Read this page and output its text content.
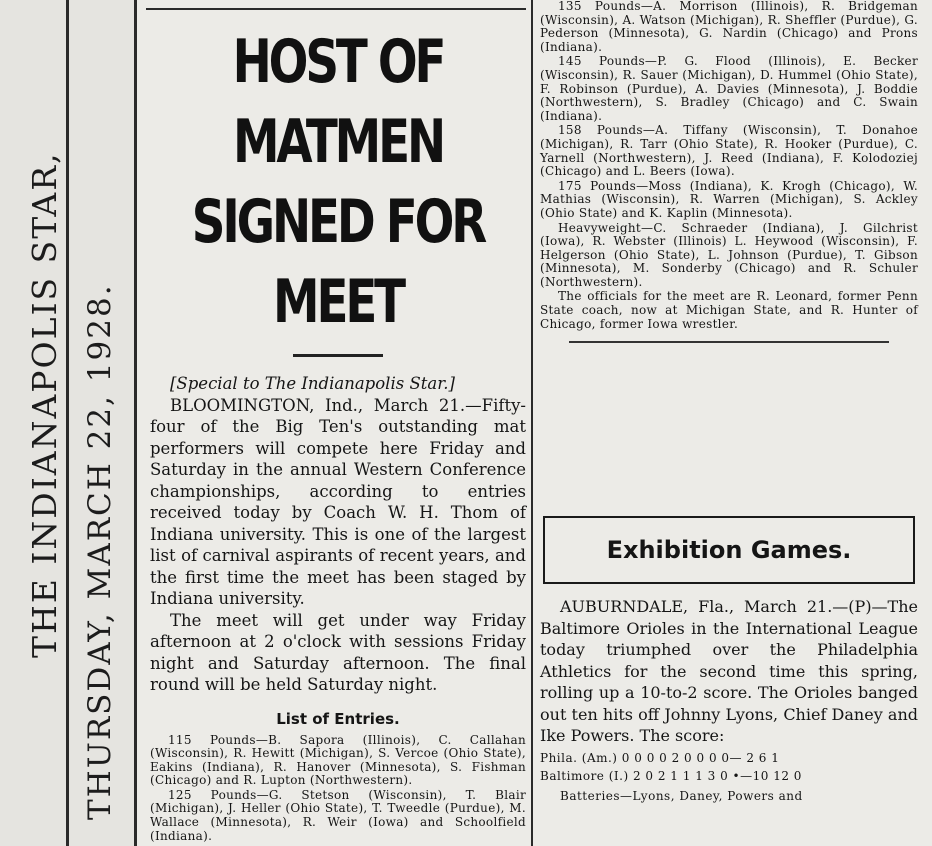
THE INDIANAPOLIS STAR, THURSDAY, MARCH 22, 1928.
HOST OF MATMEN
SIGNED FOR MEET

[Special to The Indianapolis Star.]

BLOOMINGTON, Ind., March 21.—Fifty-four of the Big Ten's outstanding mat performers will compete here Friday and Saturday in the annual Western Conference championships, according to entries received today by Coach W. H. Thom of Indiana university. This is one of the largest list of carnival aspirants of recent years, and the first time the meet has been staged by Indiana university.

The meet will get under way Friday afternoon at 2 o'clock with sessions Friday night and Saturday afternoon. The final round will be held Saturday night.

List of Entries.

115 Pounds—B. Sapora (Illinois), C. Callahan (Wisconsin), R. Hewitt (Michigan), S. Vercoe (Ohio State), Eakins (Indiana), R. Hanover (Minnesota), S. Fishman (Chicago) and R. Lupton (Northwestern).

125 Pounds—G. Stetson (Wisconsin), T. Blair (Michigan), J. Heller (Ohio State), T. Tweedle (Purdue), M. Wallace (Minnesota), R. Weir (Iowa) and Schoolfield (Indiana).

135 Pounds—A. Morrison (Illinois), R. Bridgeman (Wisconsin), A. Watson (Michigan), R. Sheffler (Purdue), G. Pederson (Minnesota), G. Nardin (Chicago) and Prons (Indiana).

145 Pounds—P. G. Flood (Illinois), E. Becker (Wisconsin), R. Sauer (Michigan), D. Hummel (Ohio State), F. Robinson (Purdue), A. Davies (Minnesota), J. Boddie (Northwestern), S. Bradley (Chicago) and C. Swain (Indiana).

158 Pounds—A. Tiffany (Wisconsin), T. Donahoe (Michigan), R. Tarr (Ohio State), R. Hooker (Purdue), C. Yarnell (Northwestern), J. Reed (Indiana), F. Kolodoziej (Chicago) and L. Beers (Iowa).

175 Pounds—Moss (Indiana), K. Krogh (Chicago), W. Mathias (Wisconsin), R. Warren (Michigan), S. Ackley (Ohio State) and K. Kaplin (Minnesota).

Heavyweight—C. Schraeder (Indiana), J. Gilchrist (Iowa), R. Webster (Illinois) L. Heywood (Wisconsin), F. Helgerson (Ohio State), L. Johnson (Purdue), T. Gibson (Minnesota), M. Sonderby (Chicago) and R. Schuler (Northwestern).

The officials for the meet are R. Leonard, former Penn State coach, now at Michigan State, and R. Hunter of Chicago, former Iowa wrestler.

Exhibition Games.

AUBURNDALE, Fla., March 21.—(P)—The Baltimore Orioles in the International League today triumphed over the Philadelphia Athletics for the second time this spring, rolling up a 10-to-2 score. The Orioles banged out ten hits off Johnny Lyons, Chief Daney and Ike Powers. The score:

Phila. (Am.) 0 0 0 0 2 0 0 0 0— 2 6 1
Baltimore (I.) 2 0 2 1 1 1 3 0 •—10 12 0
Batteries—Lyons, Daney, Powers and
